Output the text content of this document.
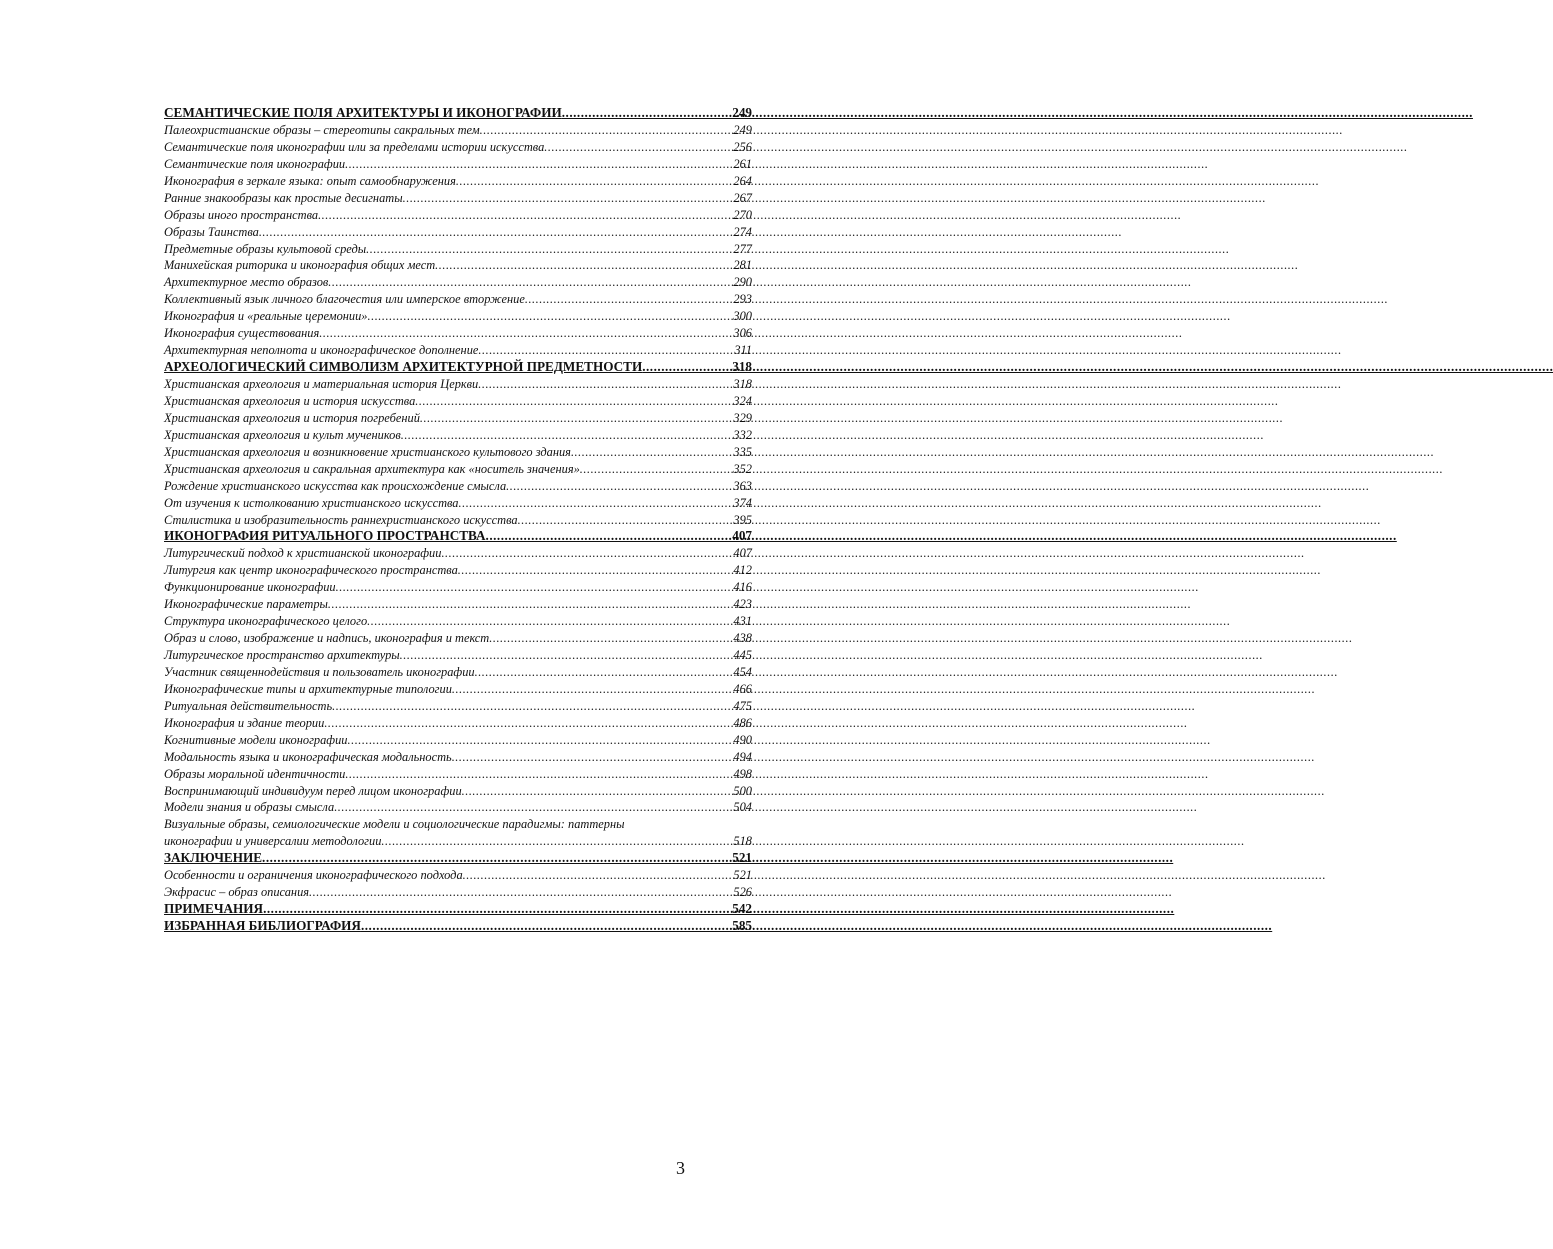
СЕМАНТИЧЕСКИЕ ПОЛЯ АРХИТЕКТУРЫ И ИКОНОГРАФИИ .....	249
Палеохристианские образы – стереотипы сакральных тем .....	249
Семантические поля иконографии или за пределами истории искусства .....	256
Семантические поля иконографии .....	261
Иконография в зеркале языка: опыт самообнаружения .....	264
Ранние знакообразы как простые десигнаты .....	267
Образы иного пространства .....	270
Образы Таинства .....	274
Предметные образы культовой среды .....	277
Манихейская риторика и иконография общих мест .....	281
Архитектурное место образов .....	290
Коллективный язык личного благочестия или имперское вторжение .....	293
Иконография и «реальные церемонии» .....	300
Иконография существования .....	306
Архитектурная неполнота и иконографическое дополнение .....	311
АРХЕОЛОГИЧЕСКИЙ СИМВОЛИЗМ АРХИТЕКТУРНОЙ ПРЕДМЕТНОСТИ .....	318
Христианская археология и материальная история Церкви .....	318
Христианская археология и история искусства .....	324
Христианская археология и история погребений .....	329
Христианская археология и культ мучеников .....	332
Христианская археология и возникновение христианского культового здания .....	335
Христианская археология и сакральная архитектура как «носитель значения» .....	352
Рождение христианского искусства как происхождение смысла .....	363
От изучения к истолкованию христианского искусства .....	374
Стилистика и изобразительность раннехристианского искусства .....	395
ИКОНОГРАФИЯ РИТУАЛЬНОГО ПРОСТРАНСТВА .....	407
Литургический подход к христианской иконографии .....	407
Литургия как центр иконографического пространства .....	412
Функционирование иконографии .....	416
Иконографические параметры .....	423
Структура иконографического целого .....	431
Образ и слово, изображение и надпись, иконография и текст .....	438
Литургическое пространство архитектуры .....	445
Участник священнодействия и пользователь иконографии .....	454
Иконографические типы и архитектурные типологии .....	466
Ритуальная действительность .....	475
Иконография и здание теории .....	486
Когнитивные модели иконографии .....	490
Модальность языка и иконографическая модальность .....	494
Образы моральной идентичности .....	498
Воспринимающий индивидуум перед лицом иконографии .....	500
Модели знания и образы смысла .....	504
Визуальные образы, семиологические модели и социологические парадигмы: паттерны
иконографии и универсалии методологии .....	518
ЗАКЛЮЧЕНИЕ .....	521
Особенности и ограничения иконографического подхода .....	521
Экфрасис – образ описания .....	526
ПРИМЕЧАНИЯ .....	542
ИЗБРАННАЯ БИБЛИОГРАФИЯ .....	585
3
